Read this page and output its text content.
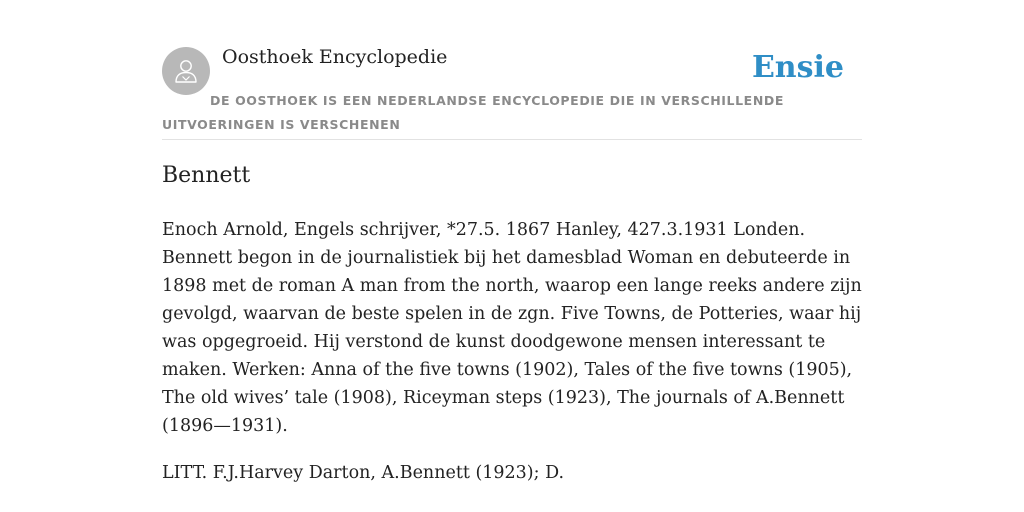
Oosthoek Encyclopedie	Ensie

DE OOSTHOEK IS EEN NEDERLANDSE ENCYCLOPEDIE DIE IN VERSCHILLENDE UITVOERINGEN IS VERSCHENEN

Bennett

Enoch Arnold, Engels schrijver, *27.5. 1867 Hanley, 427.3.1931 Londen. Bennett begon in de journalistiek bij het damesblad Woman en debuteerde in 1898 met de roman A man from the north, waarop een lange reeks andere zijn gevolgd, waarvan de beste spelen in de zgn. Five Towns, de Potteries, waar hij was opgegroeid. Hij verstond de kunst doodgewone mensen interessant te maken. Werken: Anna of the five towns (1902), Tales of the five towns (1905), The old wives’ tale (1908), Riceyman steps (1923), The journals of A.Bennett (1896—1931).

LITT. F.J.Harvey Darton, A.Bennett (1923); D.
